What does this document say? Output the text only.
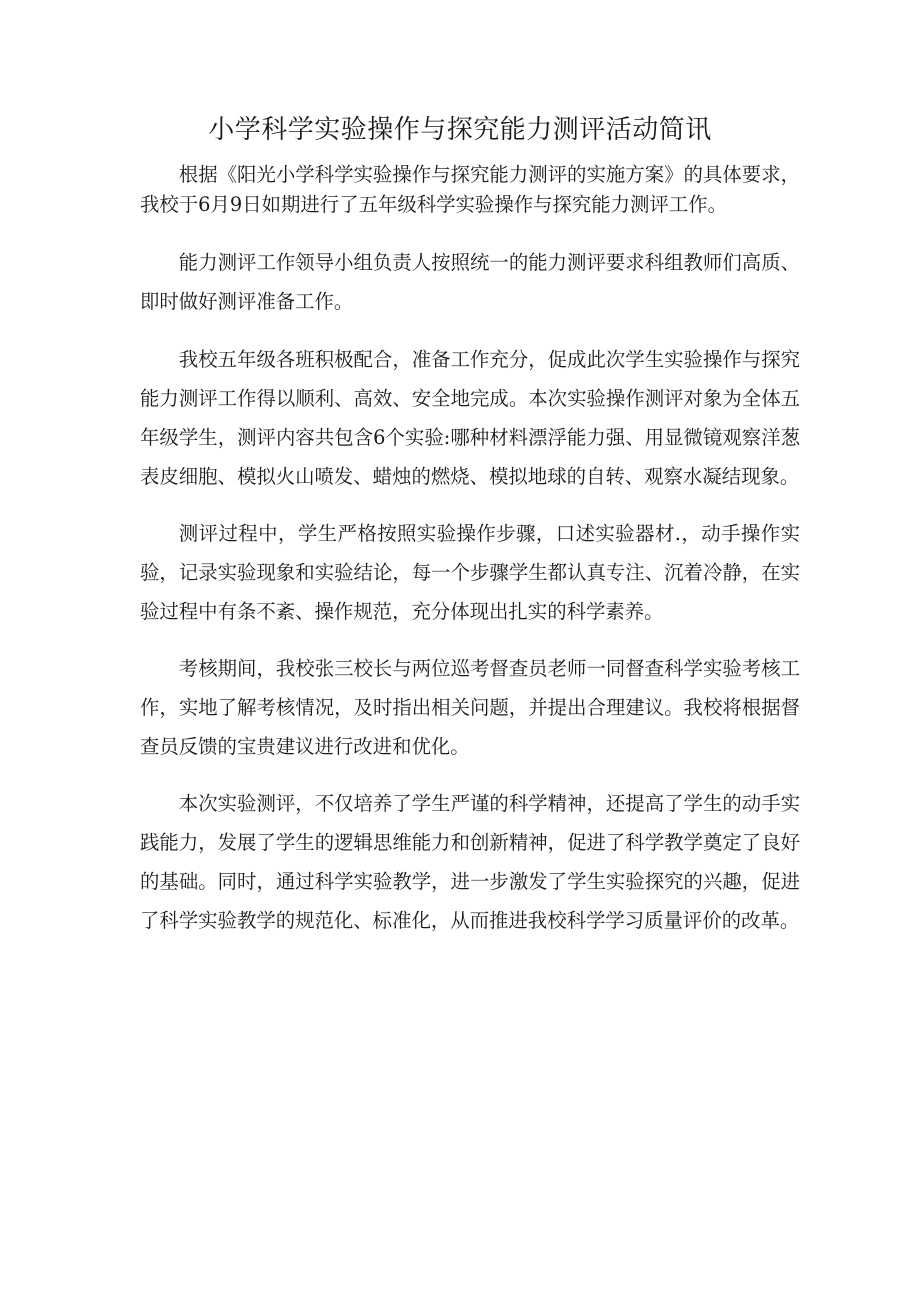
小学科学实验操作与探究能力测评活动简讯

根据《阳光小学科学实验操作与探究能力测评的实施方案》的具体要求，我校于6月9日如期进行了五年级科学实验操作与探究能力测评工作。

能力测评工作领导小组负责人按照统一的能力测评要求科组教师们高质、即时做好测评准备工作。

我校五年级各班积极配合，准备工作充分，促成此次学生实验操作与探究能力测评工作得以顺利、高效、安全地完成。本次实验操作测评对象为全体五年级学生，测评内容共包含6个实验:哪种材料漂浮能力强、用显微镜观察洋葱表皮细胞、模拟火山喷发、蜡烛的燃烧、模拟地球的自转、观察水凝结现象。

测评过程中，学生严格按照实验操作步骤，口述实验器材.，动手操作实验，记录实验现象和实验结论，每一个步骤学生都认真专注、沉着冷静，在实验过程中有条不紊、操作规范，充分体现出扎实的科学素养。

考核期间，我校张三校长与两位巡考督查员老师一同督查科学实验考核工作，实地了解考核情况，及时指出相关问题，并提出合理建议。我校将根据督查员反馈的宝贵建议进行改进和优化。

本次实验测评，不仅培养了学生严谨的科学精神，还提高了学生的动手实践能力，发展了学生的逻辑思维能力和创新精神，促进了科学教学奠定了良好的基础。同时，通过科学实验教学，进一步激发了学生实验探究的兴趣，促进了科学实验教学的规范化、标准化，从而推进我校科学学习质量评价的改革。
